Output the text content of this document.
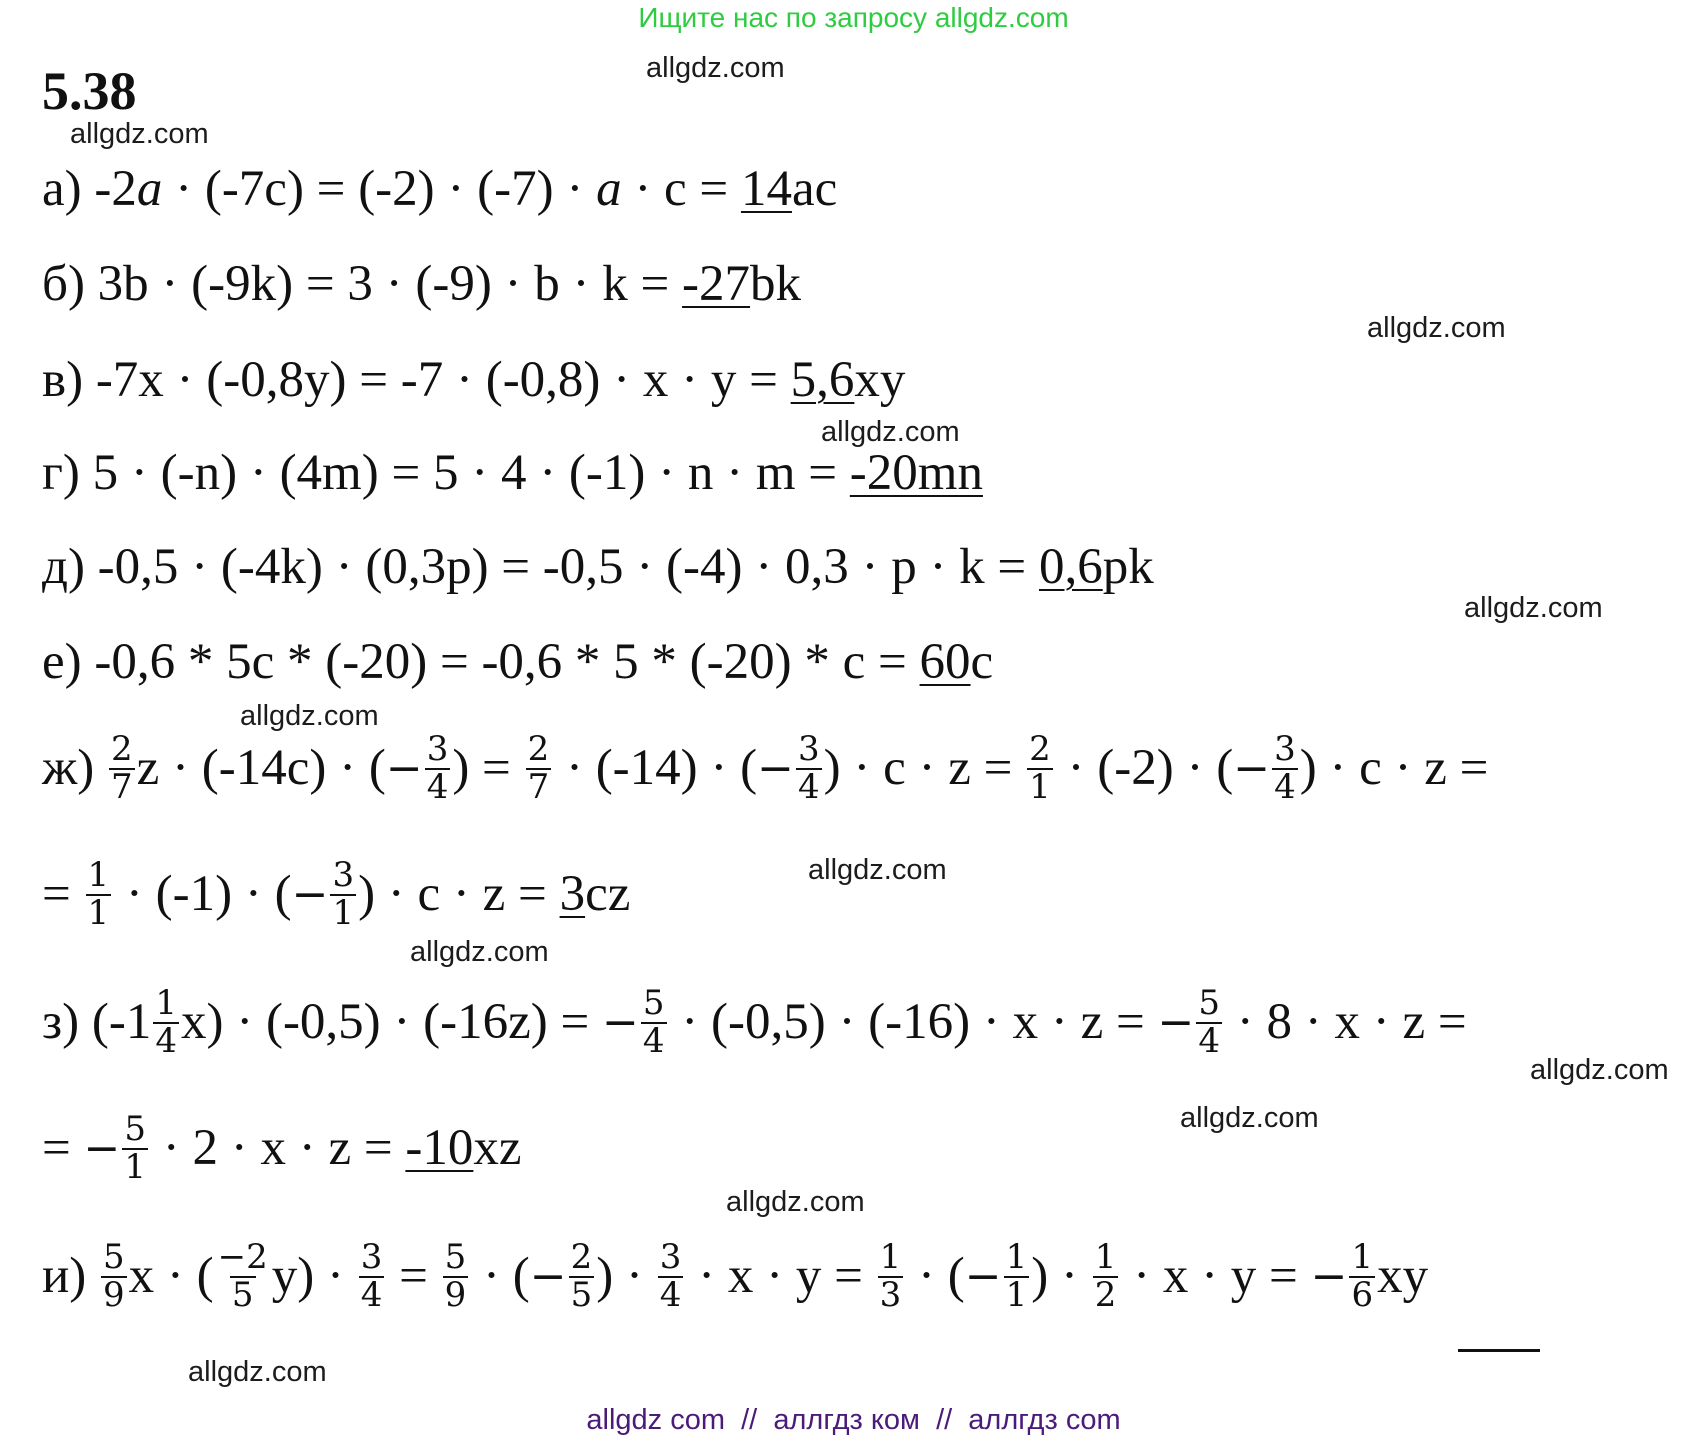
Ищите нас по запросу allgdz.com
5.38	allgdz.com
allgdz.com
allgdz.com
allgdz.com
allgdz.com
allgdz.com
allgdz.com
allgdz.com
allgdz.com
allgdz.com
allgdz.com
allgdz.com
а) -2 a · (-7c) = (-2) · (-7) · a · c = 14 ac
б) 3b · (-9k) = 3 · (-9) · b · k = -27 bk
в) -7x · (-0,8y) = -7 · (-0,8) · x · y = 5,6 xy
г) 5 · (-n) · (4m) = 5 · 4 · (-1) · n · m = -20mn
д) -0,5 · (-4k) · (0,3p) = -0,5 · (-4) · 0,3 · p · k = 0,6 pk
е) -0,6 * 5c * (-20) = -0,6 * 5 * (-20) * c = 60 c
$ж) \frac{2}{7}$ z · (-14c) · ( − $\frac{3}{4}$ ) = $\frac{2}{7} \cdot (-14)$ · ( − $\frac{3}{4}$ ) · $c \cdot z = \frac{2}{1} \cdot (-2)$ · ( − $\frac{3}{4}$ ) · c · z =
= $\frac{1}{1} \cdot (-1)$ · ( − $\frac{3}{1}$ ) · c · z = 3 cz
з) $(-1 \frac{1}{4} x) \cdot (-0,5) \cdot (-16z)$ = − $\frac{5}{4} \cdot (-0,5) \cdot (-16) \cdot x \cdot z$ = − $\frac{5}{4} \cdot 8 \cdot x \cdot z$ =
= − $\frac{5}{1} \cdot 2 \cdot x \cdot z = -10$ xz
$и) \frac{5}{9}$ x · ( $\frac{-2}{5} y) \cdot \frac{3}{4} = \frac{5}{9}$ · ( − $\frac{2}{5}$ ) · $\frac{3}{4} \cdot x \cdot y = \frac{1}{3}$ · ( − $\frac{1}{1}$ ) · $\frac{1}{2} \cdot x \cdot y$ = − $\frac{1}{6}$ xy
allgdz com  //  аллгдз ком  //  аллгдз com
